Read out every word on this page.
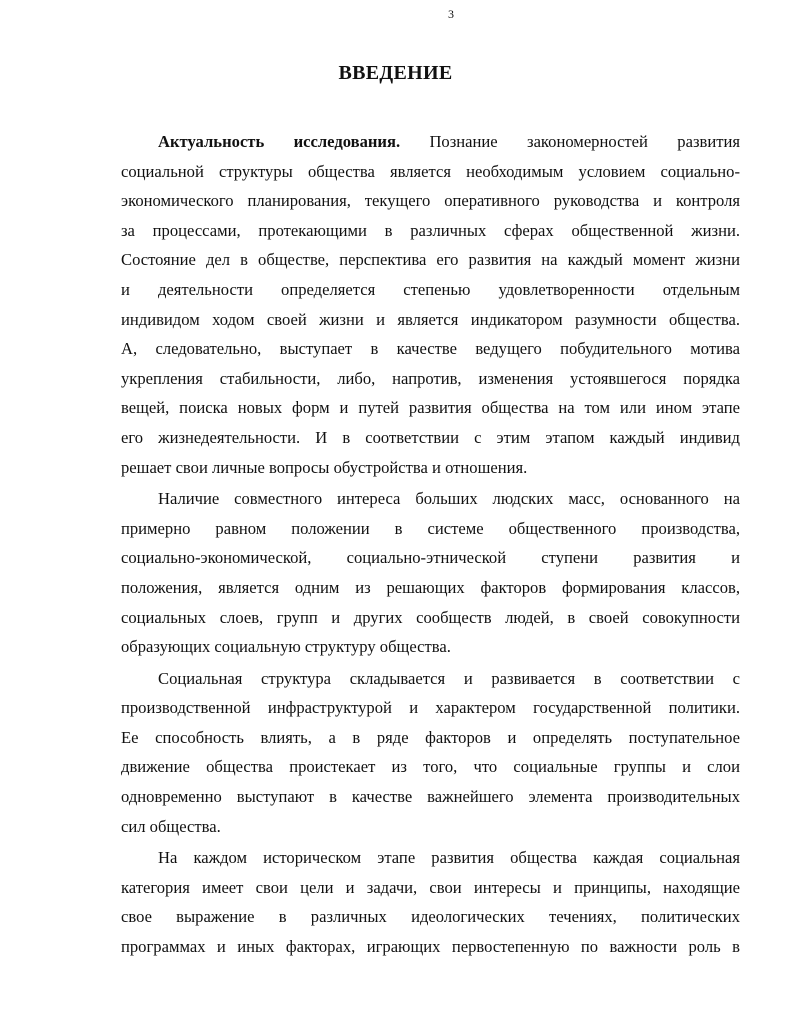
3
ВВЕДЕНИЕ
Актуальность исследования. Познание закономерностей развития
социальной структуры общества является необходимым условием социально-
экономического планирования, текущего оперативного руководства и контроля
за процессами, протекающими в различных сферах общественной жизни.
Состояние дел в обществе, перспектива его развития на каждый момент жизни
и деятельности определяется степенью удовлетворенности отдельным
индивидом ходом своей жизни и является индикатором разумности общества.
А, следовательно, выступает в качестве ведущего побудительного мотива
укрепления стабильности, либо, напротив, изменения устоявшегося порядка
вещей, поиска новых форм и путей развития общества на том или ином этапе
его жизнедеятельности. И в соответствии с этим этапом каждый индивид
решает свои личные вопросы обустройства и отношения.
Наличие совместного интереса больших людских масс, основанного на
примерно равном положении в системе общественного производства,
социально-экономической, социально-этнической ступени развития и
положения, является одним из решающих факторов формирования классов,
социальных слоев, групп и других сообществ людей, в своей совокупности
образующих социальную структуру общества.
Социальная структура складывается и развивается в соответствии с
производственной инфраструктурой и характером государственной политики.
Ее способность влиять, а в ряде факторов и определять поступательное
движение общества проистекает из того, что социальные группы и слои
одновременно выступают в качестве важнейшего элемента производительных
сил общества.
На каждом историческом этапе развития общества каждая социальная
категория имеет свои цели и задачи, свои интересы и принципы, находящие
свое выражение в различных идеологических течениях, политических
программах и иных факторах, играющих первостепенную по важности роль в
